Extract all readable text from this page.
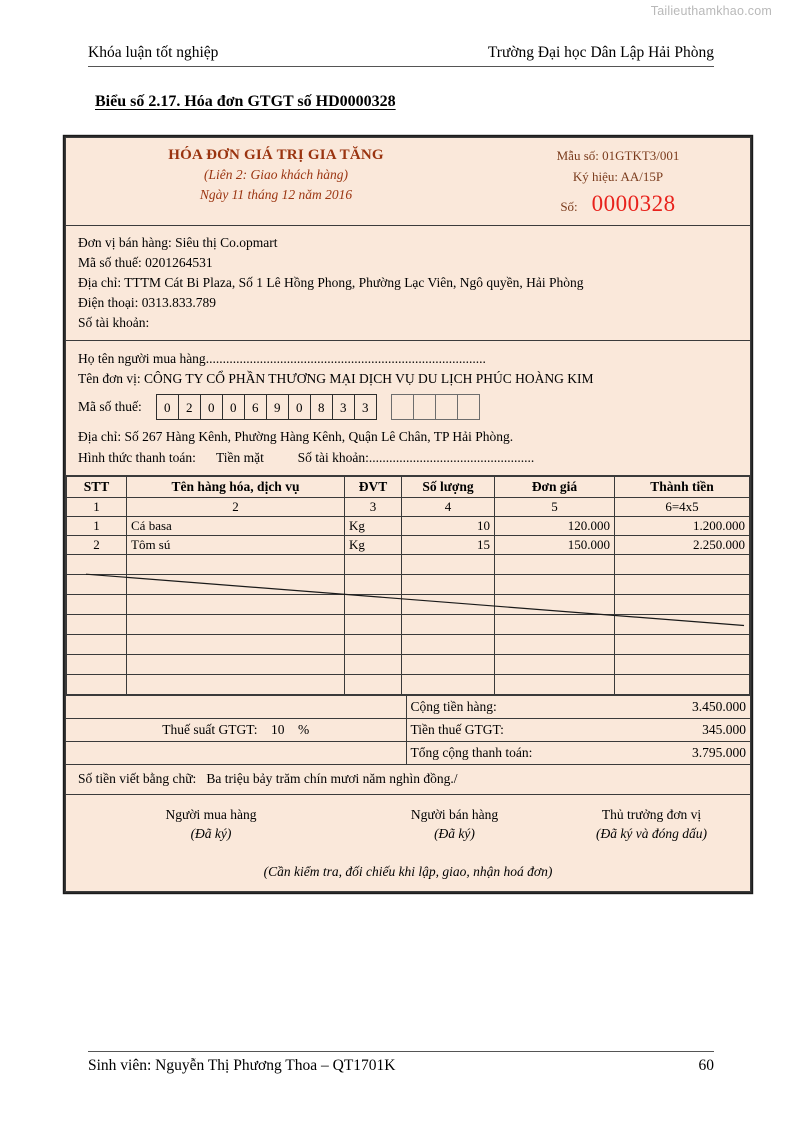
Tailieuthamkhao.com
Khóa luận tốt nghiệp	Trường Đại học Dân Lập Hải Phòng
Biểu số 2.17. Hóa đơn GTGT số HD0000328
HÓA ĐƠN GIÁ TRỊ GIA TĂNG
(Liên 2: Giao khách hàng)
Ngày 11 tháng 12 năm 2016
Mẫu số: 01GTKT3/001
Ký hiệu: AA/15P
Số: 0000328
Đơn vị bán hàng: Siêu thị Co.opmart
Mã số thuế: 0201264531
Địa chỉ: TTTM Cát Bi Plaza, Số 1 Lê Hồng Phong, Phường Lạc Viên, Ngô quyền, Hải Phòng
Điện thoại: 0313.833.789
Số tài khoản:
Họ tên người mua hàng...................................................................................
Tên đơn vị: CÔNG TY CỔ PHẦN THƯƠNG MẠI DỊCH VỤ DU LỊCH PHÚC HOÀNG KIM
Mã số thuế:	0	2	0	0	6	9	0	8	3	3
Địa chỉ: Số 267 Hàng Kênh, Phường Hàng Kênh, Quận Lê Chân, TP Hải Phòng.
Hình thức thanh toán: Tiền mặt	Số tài khoản:.................................................
STT	Tên hàng hóa, dịch vụ	ĐVT	Số lượng	Đơn giá	Thành tiền
1	2	3	4	5	6=4x5
1	Cá basa	Kg	10	120.000	1.200.000
2	Tôm sú	Kg	15	150.000	2.250.000

	Cộng tiền hàng:	3.450.000
Thuế suất GTGT: 10 %	Tiền thuế GTGT:	345.000
	Tổng cộng thanh toán:	3.795.000
Số tiền viết bằng chữ: Ba triệu bảy trăm chín mươi năm nghìn đồng./
Người mua hàng
(Đã ký)
Người bán hàng
(Đã ký)
Thủ trưởng đơn vị
(Đã ký và đóng dấu)
(Cần kiểm tra, đối chiếu khi lập, giao, nhận hoá đơn)
Sinh viên: Nguyễn Thị Phương Thoa – QT1701K	60
